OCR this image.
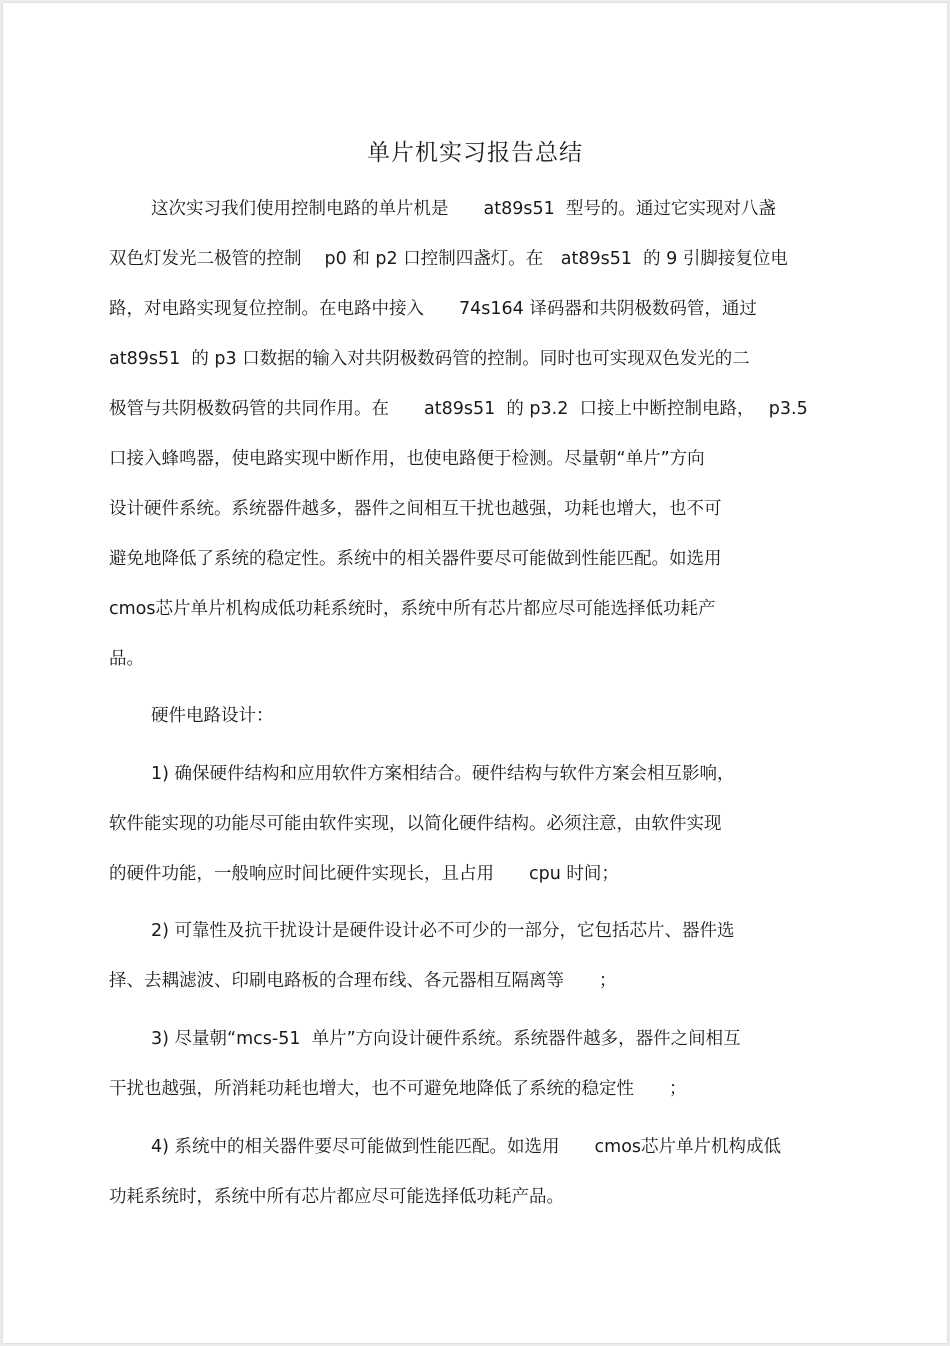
单片机实习报告总结
这次实习我们使用控制电路的单片机是　　at89s51  型号的。通过它实现对八盏
双色灯发光二极管的控制　 p0 和 p2 口控制四盏灯。在　at89s51  的 9 引脚接复位电
路，对电路实现复位控制。在电路中接入　　74s164 译码器和共阴极数码管，通过
at89s51  的 p3 口数据的输入对共阴极数码管的控制。同时也可实现双色发光的二
极管与共阴极数码管的共同作用。在　　at89s51  的 p3.2  口接上中断控制电路，　 p3.5
口接入蜂鸣器，使电路实现中断作用，也使电路便于检测。尽量朝“单片”方向
设计硬件系统。系统器件越多，器件之间相互干扰也越强，功耗也增大，也不可
避免地降低了系统的稳定性。系统中的相关器件要尽可能做到性能匹配。如选用
cmos芯片单片机构成低功耗系统时，系统中所有芯片都应尽可能选择低功耗产
品。
硬件电路设计：
1) 确保硬件结构和应用软件方案相结合。硬件结构与软件方案会相互影响，
软件能实现的功能尽可能由软件实现，以简化硬件结构。必须注意，由软件实现
的硬件功能，一般响应时间比硬件实现长，且占用　　cpu 时间；
2) 可靠性及抗干扰设计是硬件设计必不可少的一部分，它包括芯片、器件选
择、去耦滤波、印刷电路板的合理布线、各元器相互隔离等　　；
3) 尽量朝“mcs-51  单片”方向设计硬件系统。系统器件越多，器件之间相互
干扰也越强，所消耗功耗也增大，也不可避免地降低了系统的稳定性　　；
4) 系统中的相关器件要尽可能做到性能匹配。如选用　　cmos芯片单片机构成低
功耗系统时，系统中所有芯片都应尽可能选择低功耗产品。
